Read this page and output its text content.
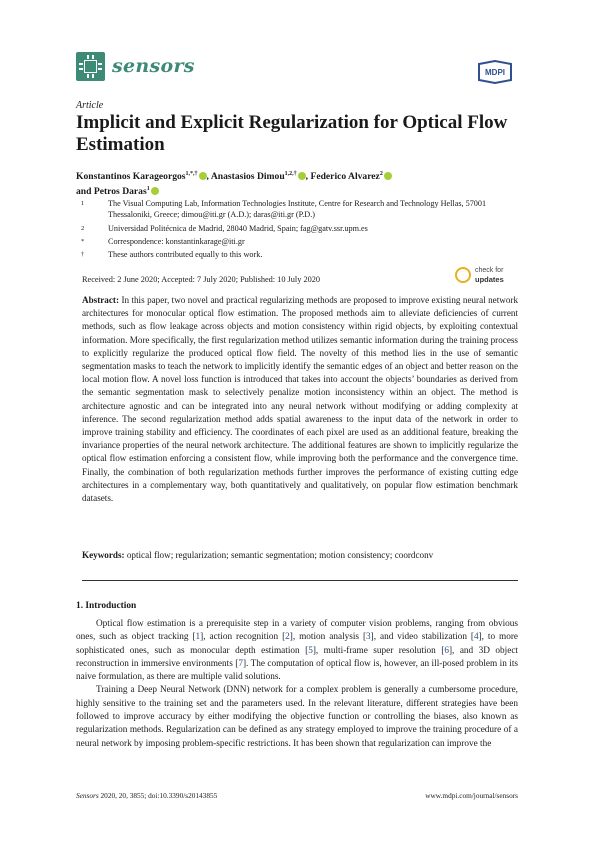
sensors	MDPI
Article
Implicit and Explicit Regularization for Optical Flow Estimation
Konstantinos Karageorgos$^{1,*,\dagger}$ , Anastasios Dimou$^{1,2,\dagger}$ , Federico Alvarez$^2$
and Petros Daras$^1$
1	The Visual Computing Lab, Information Technologies Institute, Centre for Research and Technology Hellas, 57001 Thessaloniki, Greece; dimou@iti.gr (A.D.); daras@iti.gr (P.D.)
2	Universidad Politécnica de Madrid, 28040 Madrid, Spain; fag@gatv.ssr.upm.es
*	Correspondence: konstantinkarage@iti.gr
†	These authors contributed equally to this work.
Received: 2 June 2020; Accepted: 7 July 2020; Published: 10 July 2020
check for
updates
Abstract: In this paper, two novel and practical regularizing methods are proposed to improve existing neural network architectures for monocular optical flow estimation. The proposed methods aim to alleviate deficiencies of current methods, such as flow leakage across objects and motion consistency within rigid objects, by exploiting contextual information. More specifically, the first regularization method utilizes semantic information during the training process to explicitly regularize the produced optical flow field. The novelty of this method lies in the use of semantic segmentation masks to teach the network to implicitly identify the semantic edges of an object and better reason on the local motion flow. A novel loss function is introduced that takes into account the objects’ boundaries as derived from the semantic segmentation mask to selectively penalize motion inconsistency within an object. The method is architecture agnostic and can be integrated into any neural network without modifying or adding complexity at inference. The second regularization method adds spatial awareness to the input data of the network in order to improve training stability and efficiency. The coordinates of each pixel are used as an additional feature, breaking the invariance properties of the neural network architecture. The additional features are shown to implicitly regularize the optical flow estimation enforcing a consistent flow, while improving both the performance and the convergence time. Finally, the combination of both regularization methods further improves the performance of existing cutting edge architectures in a complementary way, both quantitatively and qualitatively, on popular flow estimation benchmark datasets.
Keywords: optical flow; regularization; semantic segmentation; motion consistency; coordconv
1. Introduction

Optical flow estimation is a prerequisite step in a variety of computer vision problems, ranging from obvious ones, such as object tracking [1], action recognition [2], motion analysis [3], and video stabilization [4], to more sophisticated ones, such as monocular depth estimation [5], multi-frame super resolution [6], and 3D object reconstruction in immersive environments [7]. The computation of optical flow is, however, an ill-posed problem in its naive formulation, as there are multiple valid solutions.

Training a Deep Neural Network (DNN) network for a complex problem is generally a cumbersome procedure, highly sensitive to the training set and the parameters used. In the relevant literature, different strategies have been followed to improve accuracy by either modifying the objective function or controlling the biases, also known as regularization methods. Regularization can be defined as any strategy employed to improve the training procedure of a neural network by imposing problem-specific restrictions. It has been shown that regularization can improve the

Sensors 2020, 20, 3855; doi:10.3390/s20143855	www.mdpi.com/journal/sensors
